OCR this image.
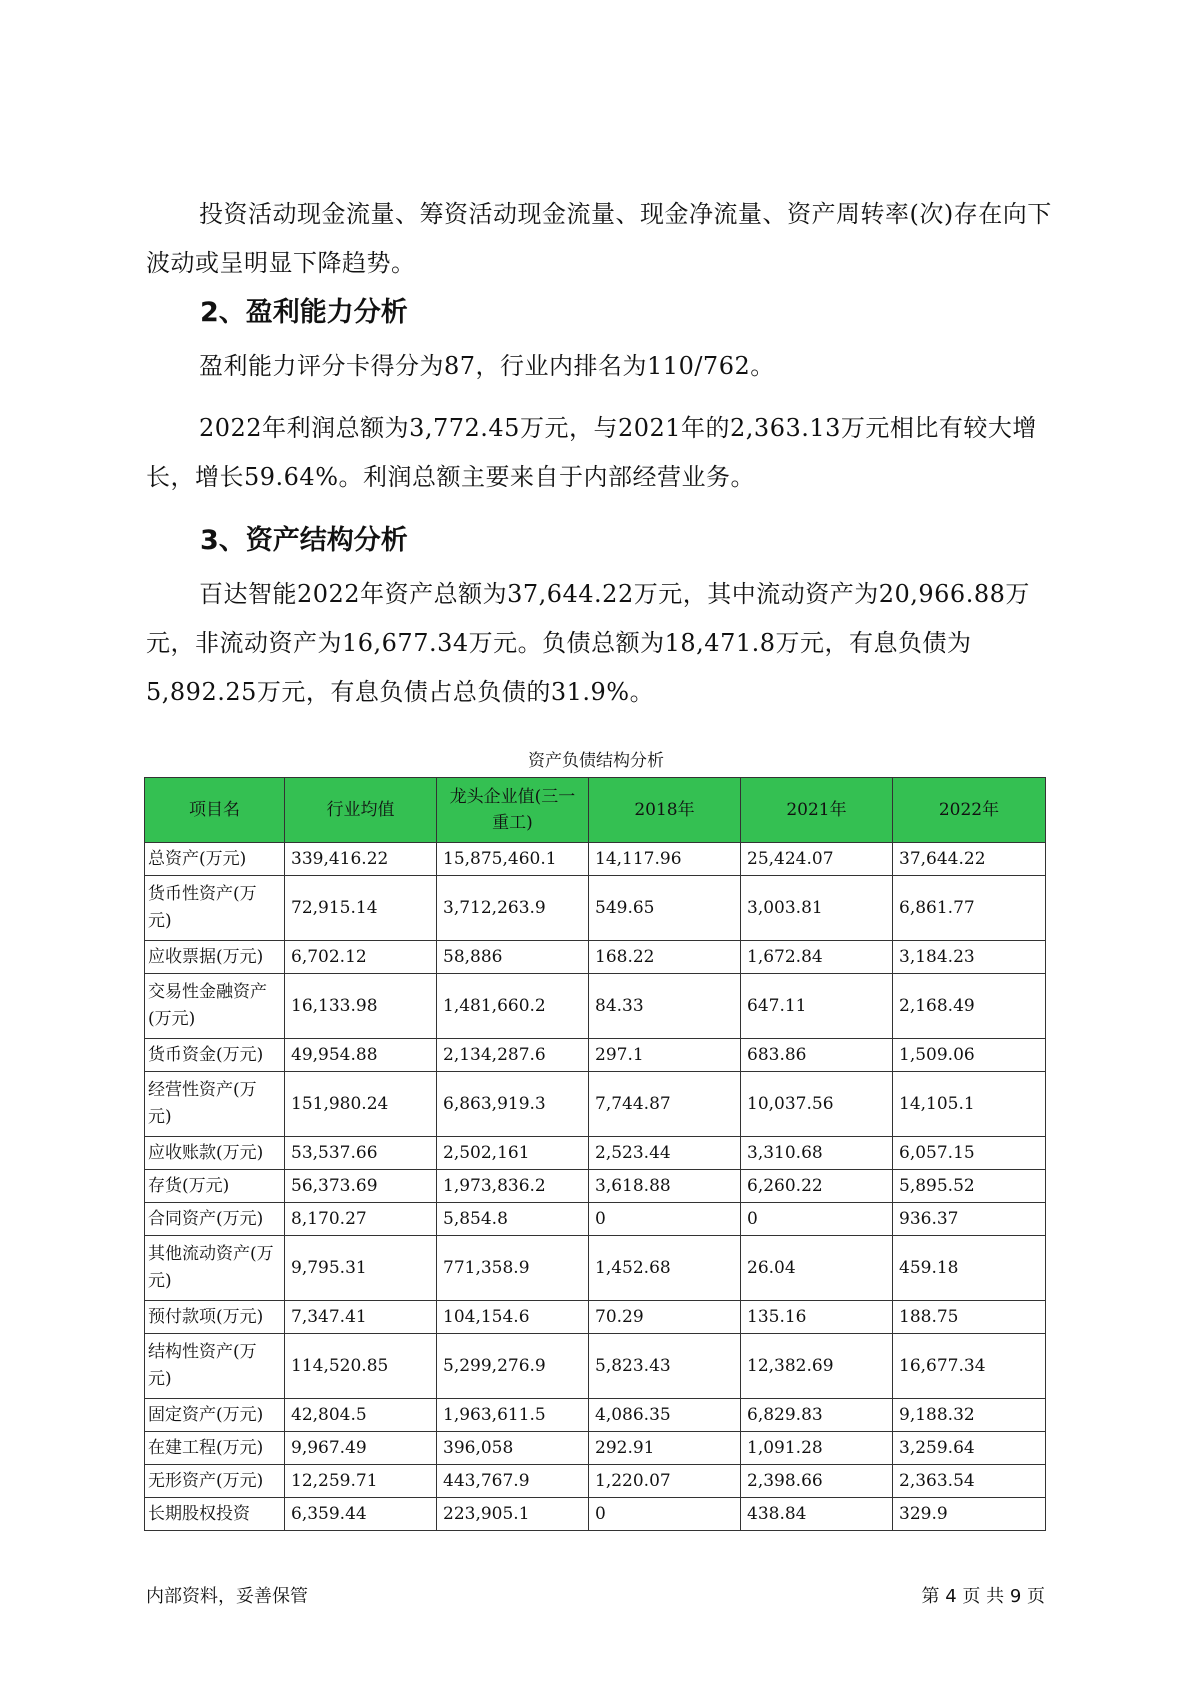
投资活动现金流量、筹资活动现金流量、现金净流量、资产周转率(次)存在向下波动或呈明显下降趋势。

2、盈利能力分析

盈利能力评分卡得分为87，行业内排名为110/762。

2022年利润总额为3,772.45万元，与2021年的2,363.13万元相比有较大增长，增长59.64%。利润总额主要来自于内部经营业务。

3、资产结构分析

百达智能2022年资产总额为37,644.22万元，其中流动资产为20,966.88万元，非流动资产为16,677.34万元。负债总额为18,471.8万元，有息负债为5,892.25万元，有息负债占总负债的31.9%。

资产负债结构分析
项目名	行业均值	龙头企业值(三一重工)	2018年	2021年	2022年
总资产(万元)	339,416.22	15,875,460.1	14,117.96	25,424.07	37,644.22
货币性资产(万元)	72,915.14	3,712,263.9	549.65	3,003.81	6,861.77
应收票据(万元)	6,702.12	58,886	168.22	1,672.84	3,184.23
交易性金融资产(万元)	16,133.98	1,481,660.2	84.33	647.11	2,168.49
货币资金(万元)	49,954.88	2,134,287.6	297.1	683.86	1,509.06
经营性资产(万元)	151,980.24	6,863,919.3	7,744.87	10,037.56	14,105.1
应收账款(万元)	53,537.66	2,502,161	2,523.44	3,310.68	6,057.15
存货(万元)	56,373.69	1,973,836.2	3,618.88	6,260.22	5,895.52
合同资产(万元)	8,170.27	5,854.8	0	0	936.37
其他流动资产(万元)	9,795.31	771,358.9	1,452.68	26.04	459.18
预付款项(万元)	7,347.41	104,154.6	70.29	135.16	188.75
结构性资产(万元)	114,520.85	5,299,276.9	5,823.43	12,382.69	16,677.34
固定资产(万元)	42,804.5	1,963,611.5	4,086.35	6,829.83	9,188.32
在建工程(万元)	9,967.49	396,058	292.91	1,091.28	3,259.64
无形资产(万元)	12,259.71	443,767.9	1,220.07	2,398.66	2,363.54
长期股权投资	6,359.44	223,905.1	0	438.84	329.9
内部资料，妥善保管	第 4 页 共 9 页
